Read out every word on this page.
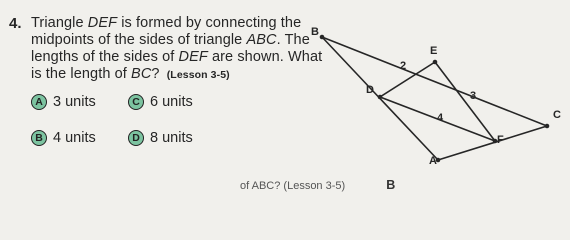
4. Triangle DEF is formed by connecting the
midpoints of the sides of triangle ABC. The
lengths of the sides of DEF are shown. What
is the length of BC? (Lesson 3-5)
A 3 units	C 6 units
B 4 units	D 8 units
B
E
D
C
F
A
2
3
4
of ABC? (Lesson 3-5)	B
